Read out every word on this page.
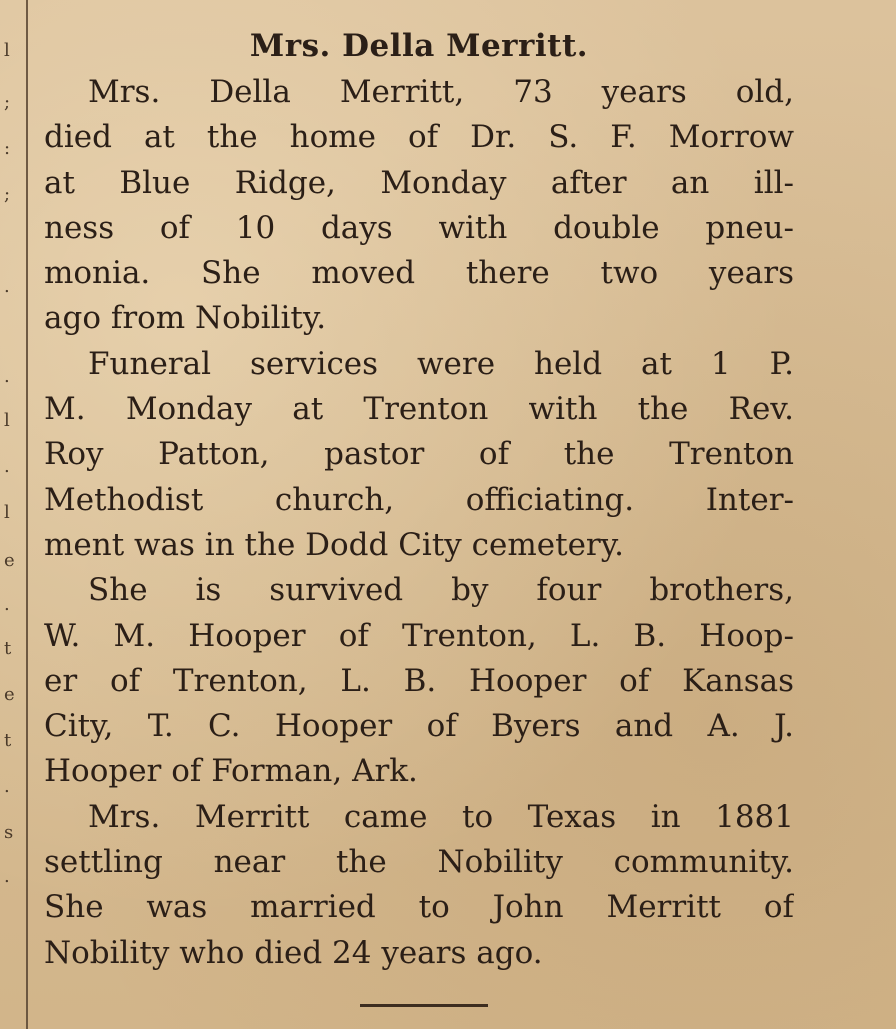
l
;
:
;
.
.
l
.
l
e
.
t
e
t
.
s
.
Mrs. Della Merritt.
Mrs. Della Merritt, 73 years old,
died at the home of Dr. S. F. Morrow
at Blue Ridge, Monday after an ill-
ness of 10 days with double pneu-
monia. She moved there two years
ago from Nobility.
Funeral services were held at 1 P.
M. Monday at Trenton with the Rev.
Roy Patton, pastor of the Trenton
Methodist church, officiating. Inter-
ment was in the Dodd City cemetery.
She is survived by four brothers,
W. M. Hooper of Trenton, L. B. Hoop-
er of Trenton, L. B. Hooper of Kansas
City, T. C. Hooper of Byers and A. J.
Hooper of Forman, Ark.
Mrs. Merritt came to Texas in 1881
settling near the Nobility community.
She was married to John Merritt of
Nobility who died 24 years ago.
